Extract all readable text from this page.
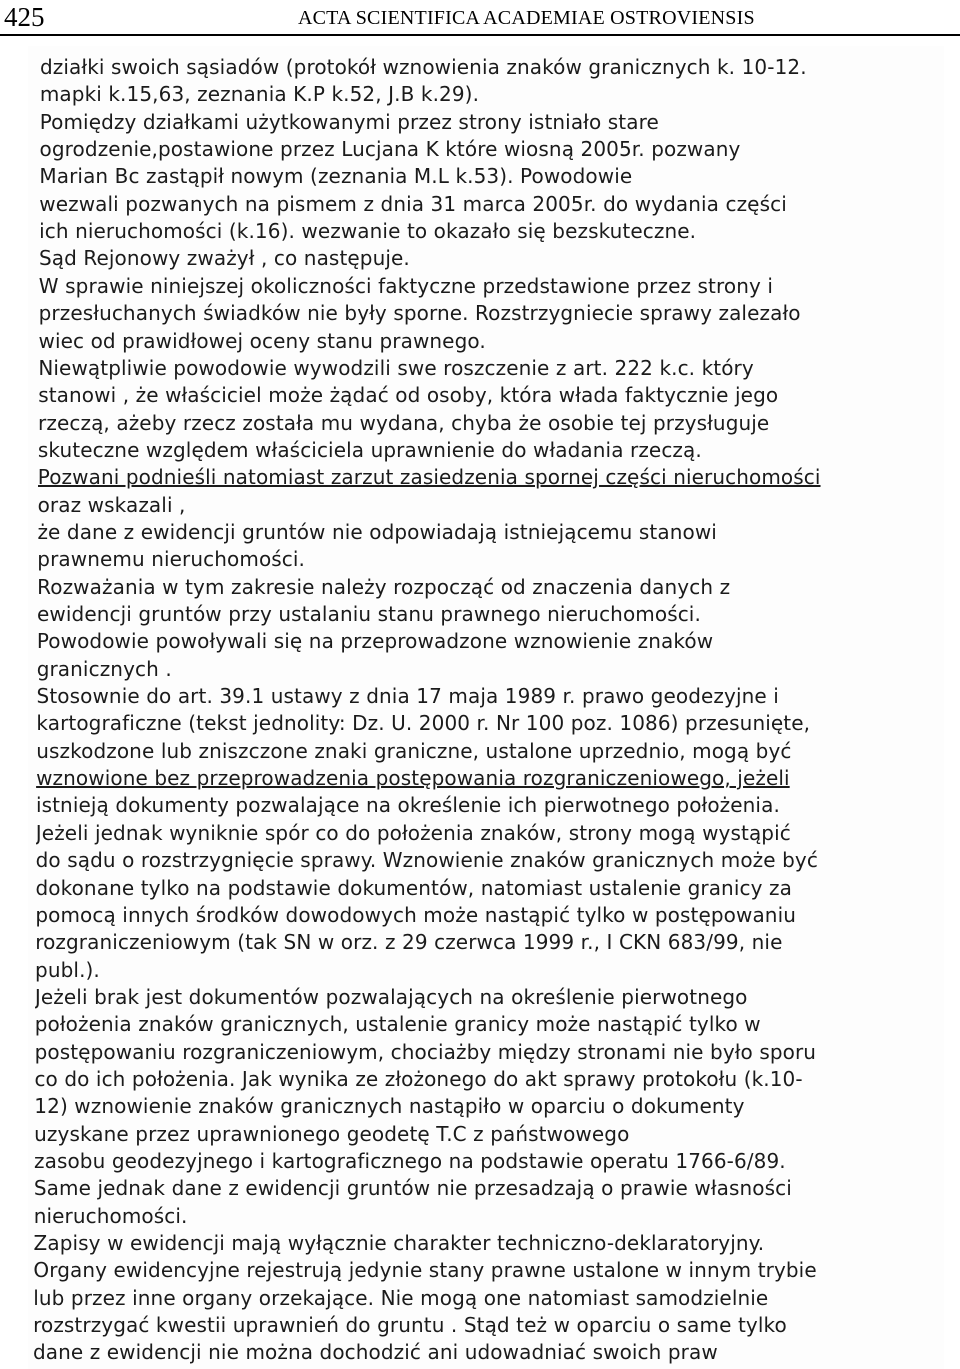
425	ACTA SCIENTIFICA ACADEMIAE OSTROVIENSIS
działki swoich sąsiadów (protokół wznowienia znaków granicznych k. 10-12.
mapki k.15,63, zeznania K.P k.52, J.B k.29).
Pomiędzy działkami użytkowanymi przez strony istniało stare
ogrodzenie,postawione przez Lucjana K które wiosną 2005r. pozwany
Marian Bc zastąpił nowym (zeznania M.L k.53). Powodowie
wezwali pozwanych na pismem z dnia 31 marca 2005r. do wydania części
ich nieruchomości (k.16). wezwanie to okazało się bezskuteczne.
Sąd Rejonowy zważył , co następuje.
W sprawie niniejszej okoliczności faktyczne przedstawione przez strony i
przesłuchanych świadków nie były sporne. Rozstrzygniecie sprawy zalezało
wiec od prawidłowej oceny stanu prawnego.
Niewątpliwie powodowie wywodzili swe roszczenie z art. 222 k.c. który
stanowi , że właściciel może żądać od osoby, która włada faktycznie jego
rzeczą, ażeby rzecz została mu wydana, chyba że osobie tej przysługuje
skuteczne względem właściciela uprawnienie do władania rzeczą.
Pozwani podnieśli natomiast zarzut zasiedzenia spornej części nieruchomości
oraz wskazali ,
że dane z ewidencji gruntów nie odpowiadają istniejącemu stanowi
prawnemu nieruchomości.
Rozważania w tym zakresie należy rozpocząć od znaczenia danych z
ewidencji gruntów przy ustalaniu stanu prawnego nieruchomości.
Powodowie powoływali się na przeprowadzone wznowienie znaków
granicznych .
Stosownie do art. 39.1 ustawy z dnia 17 maja 1989 r. prawo geodezyjne i
kartograficzne (tekst jednolity: Dz. U. 2000 r. Nr 100 poz. 1086) przesunięte,
uszkodzone lub zniszczone znaki graniczne, ustalone uprzednio, mogą być
wznowione bez przeprowadzenia postępowania rozgraniczeniowego, jeżeli
istnieją dokumenty pozwalające na określenie ich pierwotnego położenia.
Jeżeli jednak wyniknie spór co do położenia znaków, strony mogą wystąpić
do sądu o rozstrzygnięcie sprawy. Wznowienie znaków granicznych może być
dokonane tylko na podstawie dokumentów, natomiast ustalenie granicy za
pomocą innych środków dowodowych może nastąpić tylko w postępowaniu
rozgraniczeniowym (tak SN w orz. z 29 czerwca 1999 r., I CKN 683/99, nie
publ.).
Jeżeli brak jest dokumentów pozwalających na określenie pierwotnego
położenia znaków granicznych, ustalenie granicy może nastąpić tylko w
postępowaniu rozgraniczeniowym, chociażby między stronami nie było sporu
co do ich położenia. Jak wynika ze złożonego do akt sprawy protokołu (k.10-
12) wznowienie znaków granicznych nastąpiło w oparciu o dokumenty
uzyskane przez uprawnionego geodetę T.C z państwowego
zasobu geodezyjnego i kartograficznego na podstawie operatu 1766-6/89.
Same jednak dane z ewidencji gruntów nie przesadzają o prawie własności
nieruchomości.
Zapisy w ewidencji mają wyłącznie charakter techniczno-deklaratoryjny.
Organy ewidencyjne rejestrują jedynie stany prawne ustalone w innym trybie
lub przez inne organy orzekające. Nie mogą one natomiast samodzielnie
rozstrzygać kwestii uprawnień do gruntu . Stąd też w oparciu o same tylko
dane z ewidencji nie można dochodzić ani udowadniać swoich praw
